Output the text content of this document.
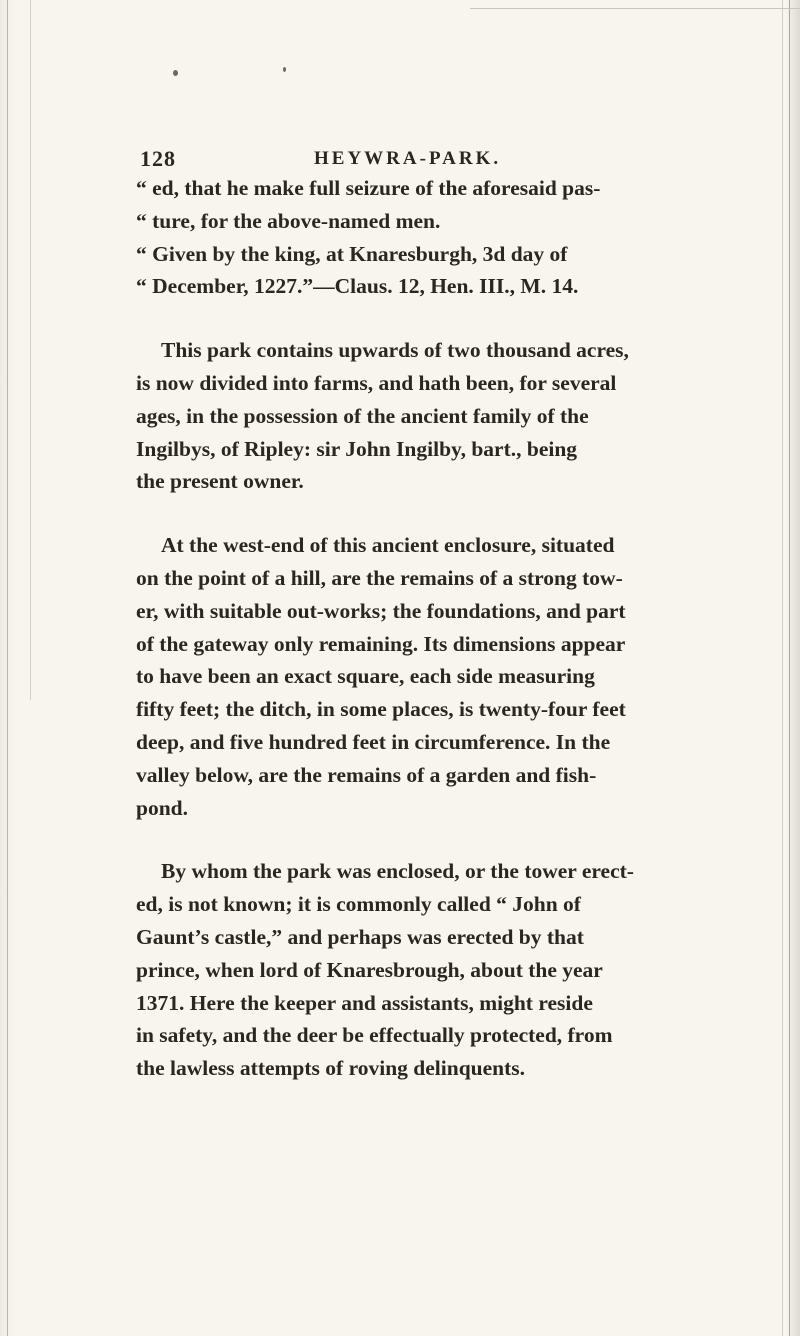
128	HEYWRA-PARK.

“ ed, that he make full seizure of the aforesaid pas-
“ ture, for the above-named men.
“ Given by the king, at Knaresburgh, 3d day of
“ December, 1227.”—Claus. 12, Hen. III., M. 14.

This park contains upwards of two thousand acres,
is now divided into farms, and hath been, for several
ages, in the possession of the ancient family of the
Ingilbys, of Ripley: sir John Ingilby, bart., being
the present owner.

At the west-end of this ancient enclosure, situated
on the point of a hill, are the remains of a strong tow-
er, with suitable out-works; the foundations, and part
of the gateway only remaining. Its dimensions appear
to have been an exact square, each side measuring
fifty feet; the ditch, in some places, is twenty-four feet
deep, and five hundred feet in circumference. In the
valley below, are the remains of a garden and fish-
pond.

By whom the park was enclosed, or the tower erect-
ed, is not known; it is commonly called “ John of
Gaunt’s castle,” and perhaps was erected by that
prince, when lord of Knaresbrough, about the year
1371. Here the keeper and assistants, might reside
in safety, and the deer be effectually protected, from
the lawless attempts of roving delinquents.
